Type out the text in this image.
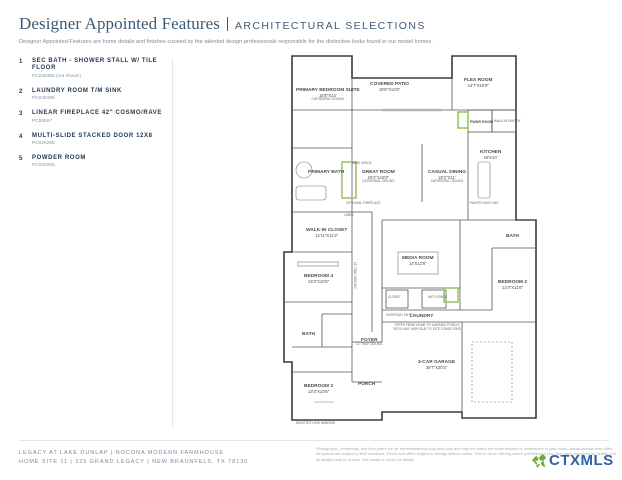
Designer Appointed Features ARCHITECTURAL SELECTIONS
Designer Appointed Features are home details and finishes curated by the talented design professionals responsible for the distinctive looks found in our model homes.
1	SEC BATH - SHOWER STALL W/ TILE FLOOR
PC048385 (not shown)
2	LAUNDRY ROOM T/M SINK
PC048385
3	LINEAR FIREPLACE 42" COSMO/RAVE
PC50667
4	MULTI-SLIDE STACKED DOOR 12X8
PC026265
5	POWDER ROOM
PC026265
PRIMARY BEDROOM SUITE
16'8"X14'
CATHEDRAL CEILING
COVERED PATIO
19'6"X12'6"
FLEX ROOM
14'7"X10'8"
PWDR ROOM WALK-IN PANTRY
KITCHEN
18'X10'
GREAT ROOM
20'2"X15'9"
CATHEDRAL CEILING
CASUAL DINING
20'2"X11'
CATHEDRAL CEILING
PRIMARY BATH
WALK-IN CLOSET
12'11"X11'4"
MEDIA ROOM
14'X12'8"
BEDROOM 2
12'4"X11'6"
BATH
BEDROOM 4
13'3"X10'6"
BATH
BEDROOM 3
13'3"X10'6"
FOYER
11' TRAY CEILING
PORCH
LAUNDRY
CLOSET
3-CAR GARAGE
28'7"X20'3"
11' TRAY CEILING
STEPS FROM HOME TO GARAGE/ PORCH/ PATIO MAY VARY DUE TO SITE CONDITIONS
DENOTES HIGH WINDOW
OPTIONAL FIREPLACE
EVERYDAY ENTRY
INFO SPACE
WINE SPACE
PANTRY BUILT-INS
LINEN
LEGACY AT LAKE DUNLAP | NOCONA MODERN FARMHOUSE
HOME SITE 11 | 325 GRAND LEGACY | NEW BRAUNFELS, TX 78130
Photographs, renderings, and floor plans are for representational purposes only and may not reflect the exact finishes or dimensions of your home; actual product may differ. All options are subject to field variations. Prices and offers subject to change without notice. This is not an offering where prohibited by law. See sales associate for details. Not all images may be shown. See onsite or online for details.	CTXMLS
